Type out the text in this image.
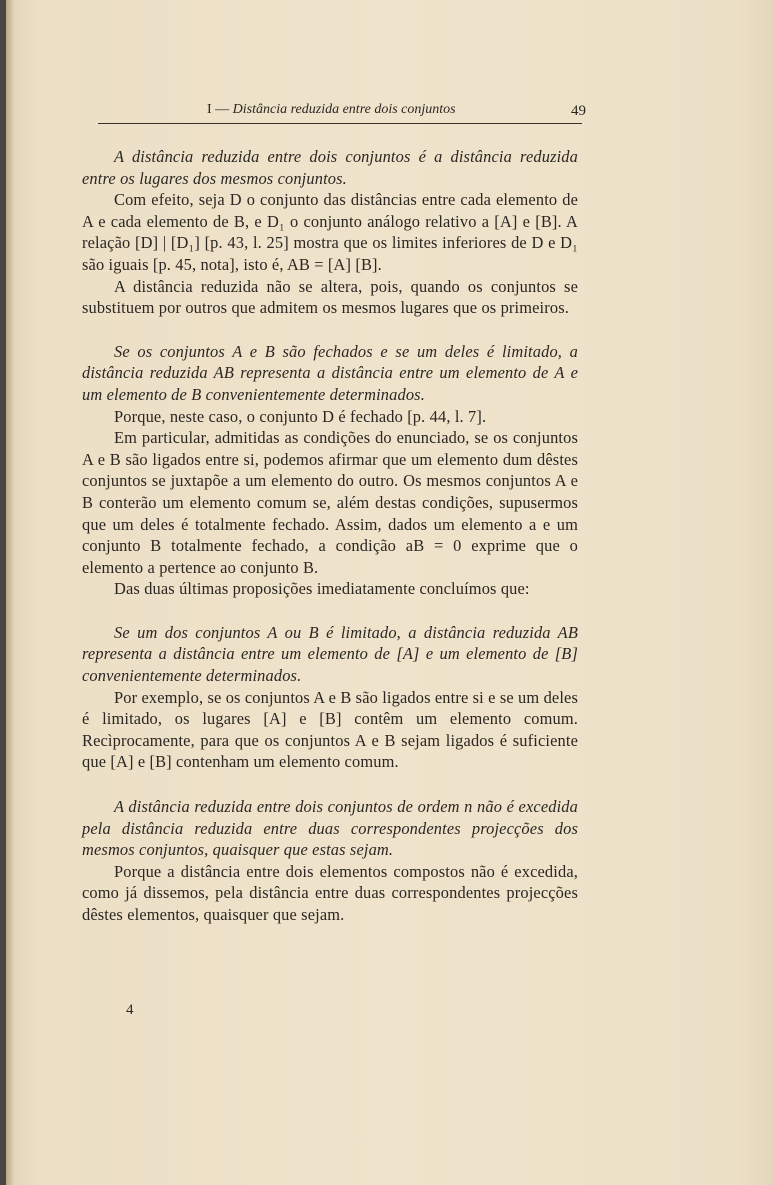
I — Distância reduzida entre dois conjuntos	49

A distância reduzida entre dois conjuntos é a distância reduzida entre os lugares dos mesmos conjuntos.

Com efeito, seja D o conjunto das distâncias entre cada elemento de A e cada elemento de B, e D₁ o conjunto análogo relativo a [A] e [B]. A relação [D] | [D₁] [p. 43, l. 25] mostra que os limites inferiores de D e D₁ são iguais [p. 45, nota], isto é, AB = [A] [B].

A distância reduzida não se altera, pois, quando os conjuntos se substituem por outros que admitem os mesmos lugares que os primeiros.

Se os conjuntos A e B são fechados e se um deles é limitado, a distância reduzida AB representa a distância entre um elemento de A e um elemento de B convenientemente determinados.

Porque, neste caso, o conjunto D é fechado [p. 44, l. 7].

Em particular, admitidas as condições do enunciado, se os conjuntos A e B são ligados entre si, podemos afirmar que um elemento dum dêstes conjuntos se juxtapõe a um elemento do outro. Os mesmos conjuntos A e B conterão um elemento comum se, além destas condições, supusermos que um deles é totalmente fechado. Assim, dados um elemento a e um conjunto B totalmente fechado, a condição aB = 0 exprime que o elemento a pertence ao conjunto B.

Das duas últimas proposições imediatamente concluímos que:

Se um dos conjuntos A ou B é limitado, a distância reduzida AB representa a distância entre um elemento de [A] e um elemento de [B] convenientemente determinados.

Por exemplo, se os conjuntos A e B são ligados entre si e se um deles é limitado, os lugares [A] e [B] contêm um elemento comum. Recìprocamente, para que os conjuntos A e B sejam ligados é suficiente que [A] e [B] contenham um elemento comum.

A distância reduzida entre dois conjuntos de ordem n não é excedida pela distância reduzida entre duas correspondentes projecções dos mesmos conjuntos, quaisquer que estas sejam.

Porque a distância entre dois elementos compostos não é excedida, como já dissemos, pela distância entre duas correspondentes projecções dêstes elementos, quaisquer que sejam.

4
